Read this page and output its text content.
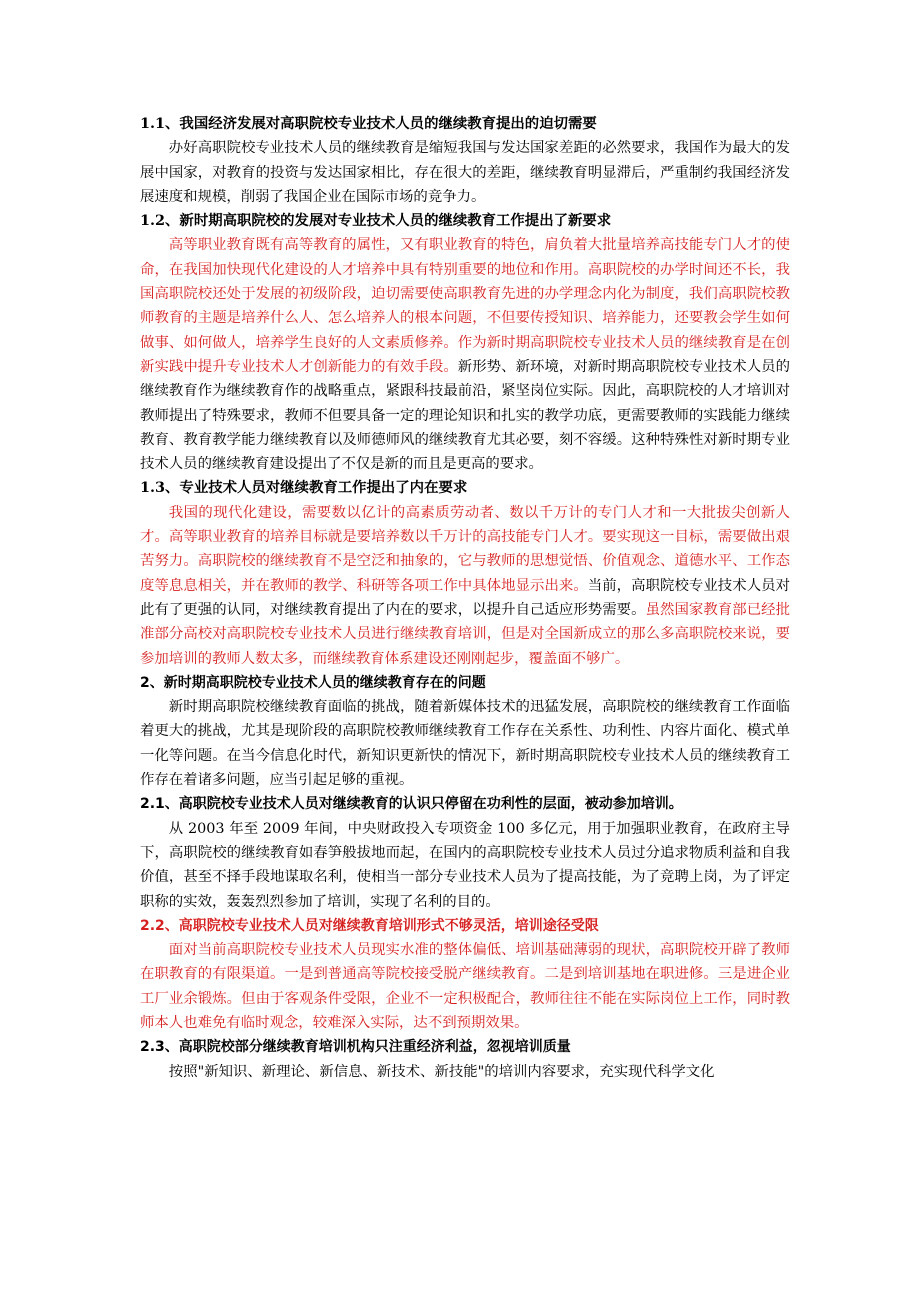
1.1、我国经济发展对高职院校专业技术人员的继续教育提出的迫切需要

办好高职院校专业技术人员的继续教育是缩短我国与发达国家差距的必然要求，我国作为最大的发展中国家，对教育的投资与发达国家相比，存在很大的差距，继续教育明显滞后，严重制约我国经济发展速度和规模，削弱了我国企业在国际市场的竞争力。

1.2、新时期高职院校的发展对专业技术人员的继续教育工作提出了新要求

高等职业教育既有高等教育的属性，又有职业教育的特色，肩负着大批量培养高技能专门人才的使命，在我国加快现代化建设的人才培养中具有特别重要的地位和作用。高职院校的办学时间还不长，我国高职院校还处于发展的初级阶段，迫切需要使高职教育先进的办学理念内化为制度，我们高职院校教师教育的主题是培养什么人、怎么培养人的根本问题，不但要传授知识、培养能力，还要教会学生如何做事、如何做人，培养学生良好的人文素质修养。作为新时期高职院校专业技术人员的继续教育是在创新实践中提升专业技术人才创新能力的有效手段。新形势、新环境，对新时期高职院校专业技术人员的继续教育作为继续教育作的战略重点，紧跟科技最前沿，紧坚岗位实际。因此，高职院校的人才培训对教师提出了特殊要求，教师不但要具备一定的理论知识和扎实的教学功底，更需要教师的实践能力继续教育、教育教学能力继续教育以及师德师风的继续教育尤其必要，刻不容缓。这种特殊性对新时期专业技术人员的继续教育建设提出了不仅是新的而且是更高的要求。

1.3、专业技术人员对继续教育工作提出了内在要求

我国的现代化建设，需要数以亿计的高素质劳动者、数以千万计的专门人才和一大批拔尖创新人才。高等职业教育的培养目标就是要培养数以千万计的高技能专门人才。要实现这一目标，需要做出艰苦努力。高职院校的继续教育不是空泛和抽象的，它与教师的思想觉悟、价值观念、道德水平、工作态度等息息相关，并在教师的教学、科研等各项工作中具体地显示出来。当前，高职院校专业技术人员对此有了更强的认同，对继续教育提出了内在的要求，以提升自己适应形势需要。虽然国家教育部已经批准部分高校对高职院校专业技术人员进行继续教育培训，但是对全国新成立的那么多高职院校来说，要参加培训的教师人数太多，而继续教育体系建设还刚刚起步，覆盖面不够广。

2、新时期高职院校专业技术人员的继续教育存在的问题

新时期高职院校继续教育面临的挑战，随着新媒体技术的迅猛发展，高职院校的继续教育工作面临着更大的挑战，尤其是现阶段的高职院校教师继续教育工作存在关系性、功利性、内容片面化、模式单一化等问题。在当今信息化时代，新知识更新快的情况下，新时期高职院校专业技术人员的继续教育工作存在着诸多问题，应当引起足够的重视。

2.1、高职院校专业技术人员对继续教育的认识只停留在功利性的层面，被动参加培训。

从 2003 年至 2009 年间，中央财政投入专项资金 100 多亿元，用于加强职业教育，在政府主导下，高职院校的继续教育如春笋般拔地而起，在国内的高职院校专业技术人员过分追求物质利益和自我价值，甚至不择手段地谋取名利，使相当一部分专业技术人员为了提高技能，为了竞聘上岗，为了评定职称的实效，轰轰烈烈参加了培训，实现了名利的目的。

2.2、高职院校专业技术人员对继续教育培训形式不够灵活，培训途径受限

面对当前高职院校专业技术人员现实水准的整体偏低、培训基础薄弱的现状，高职院校开辟了教师在职教育的有限渠道。一是到普通高等院校接受脱产继续教育。二是到培训基地在职进修。三是进企业工厂业余锻炼。但由于客观条件受限，企业不一定积极配合，教师往往不能在实际岗位上工作，同时教师本人也难免有临时观念，较难深入实际，达不到预期效果。

2.3、高职院校部分继续教育培训机构只注重经济利益，忽视培训质量

按照"新知识、新理论、新信息、新技术、新技能"的培训内容要求，充实现代科学文化
